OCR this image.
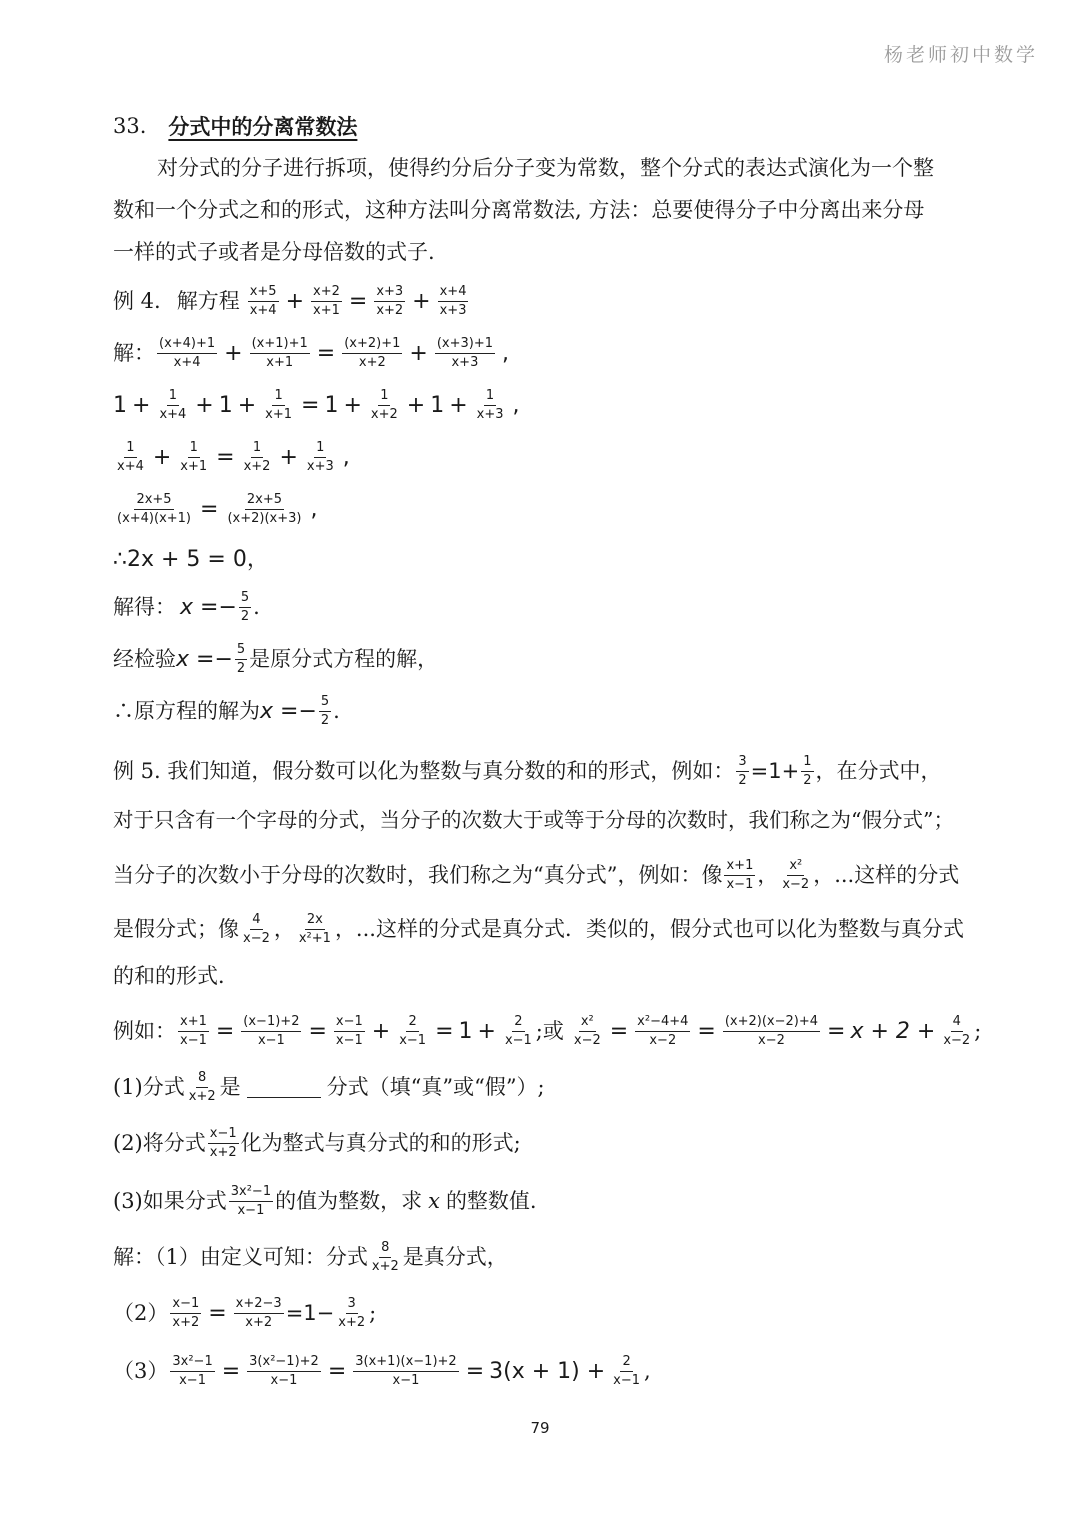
杨老师初中数学
33. 分式中的分离常数法
对分式的分子进行拆项，使得约分后分子变为常数，整个分式的表达式演化为一个整
数和一个分式之和的形式，这种方法叫分离常数法, 方法：总要使得分子中分离出来分母
一样的式子或者是分母倍数的式子.
例 4. 解方程 $\frac{x+5}{x+4} + \frac{x+2}{x+1} = \frac{x+3}{x+2} + \frac{x+4}{x+3}$
解： $\frac{(x+4)+1}{x+4} + \frac{(x+1)+1}{x+1} = \frac{(x+2)+1}{x+2} + \frac{(x+3)+1}{x+3}$ ,
$1 + \frac{1}{x+4} + 1 + \frac{1}{x+1} = 1 + \frac{1}{x+2} + 1 + \frac{1}{x+3}$ ,
$\frac{1}{x+4} + \frac{1}{x+1} = \frac{1}{x+2} + \frac{1}{x+3}$ ,
$\frac{2x+5}{(x+4)(x+1)} = \frac{2x+5}{(x+2)(x+3)}$ ,
∴2x + 5 = 0，
解得： $x =- \frac{5}{2}$ .
经检验 $x =- \frac{5}{2}$ 是原分式方程的解，
∴原方程的解为 $x =- \frac{5}{2}$ .
例 5. 我们知道，假分数可以化为整数与真分数的和的形式，例如： $\frac{3}{2} =1+ \frac{1}{2}$ ，在分式中，
对于只含有一个字母的分式，当分子的次数大于或等于分母的次数时，我们称之为“假分式”；
当分子的次数小于分母的次数时，我们称之为“真分式”，例如：像 $\frac{x+1}{x-1}$ ， $\frac{\text{x²}}{x-2}$ ，...这样的分式
是假分式；像 $\frac{4}{x-2}$ ， $\frac{2x}{\text{x²+1}}$ ，...这样的分式是真分式．类似的，假分式也可以化为整数与真分式
的和的形式．
例如： $\frac{x+1}{x-1} = \frac{(x-1)+2}{x-1} = \frac{x-1}{x-1} + \frac{2}{x-1} = 1 + \frac{2}{x-1}$ ;或 $\frac{\text{x²}}{x-2} = \frac{\text{x²−4+4}}{x-2} = \frac{(x+2)(x-2)+4}{x-2} = x + 2 + \frac{4}{x-2}$ ;
(1)分式 $\frac{8}{x+2}$ 是	分式（填“真”或“假”）;
(2)将分式 $\frac{x-1}{x+2}$ 化为整式与真分式的和的形式;
(3)如果分式 $\frac{\text{3x²−1}}{x-1}$ 的值为整数，求 x 的整数值.
解：（1）由定义可知：分式 $\frac{8}{x+2}$ 是真分式，
$(2) \frac{x-1}{x+2} = \frac{x+2-3}{x+2} =1- \frac{3}{x+2}$ ;
$(3) \frac{\text{3x²−1}}{x-1} = \frac{\text{3(x²−1)+2}}{x-1} = \frac{3(x+1)(x-1)+2}{x-1} = 3(x + 1) + \frac{2}{x-1}$ ,
79
